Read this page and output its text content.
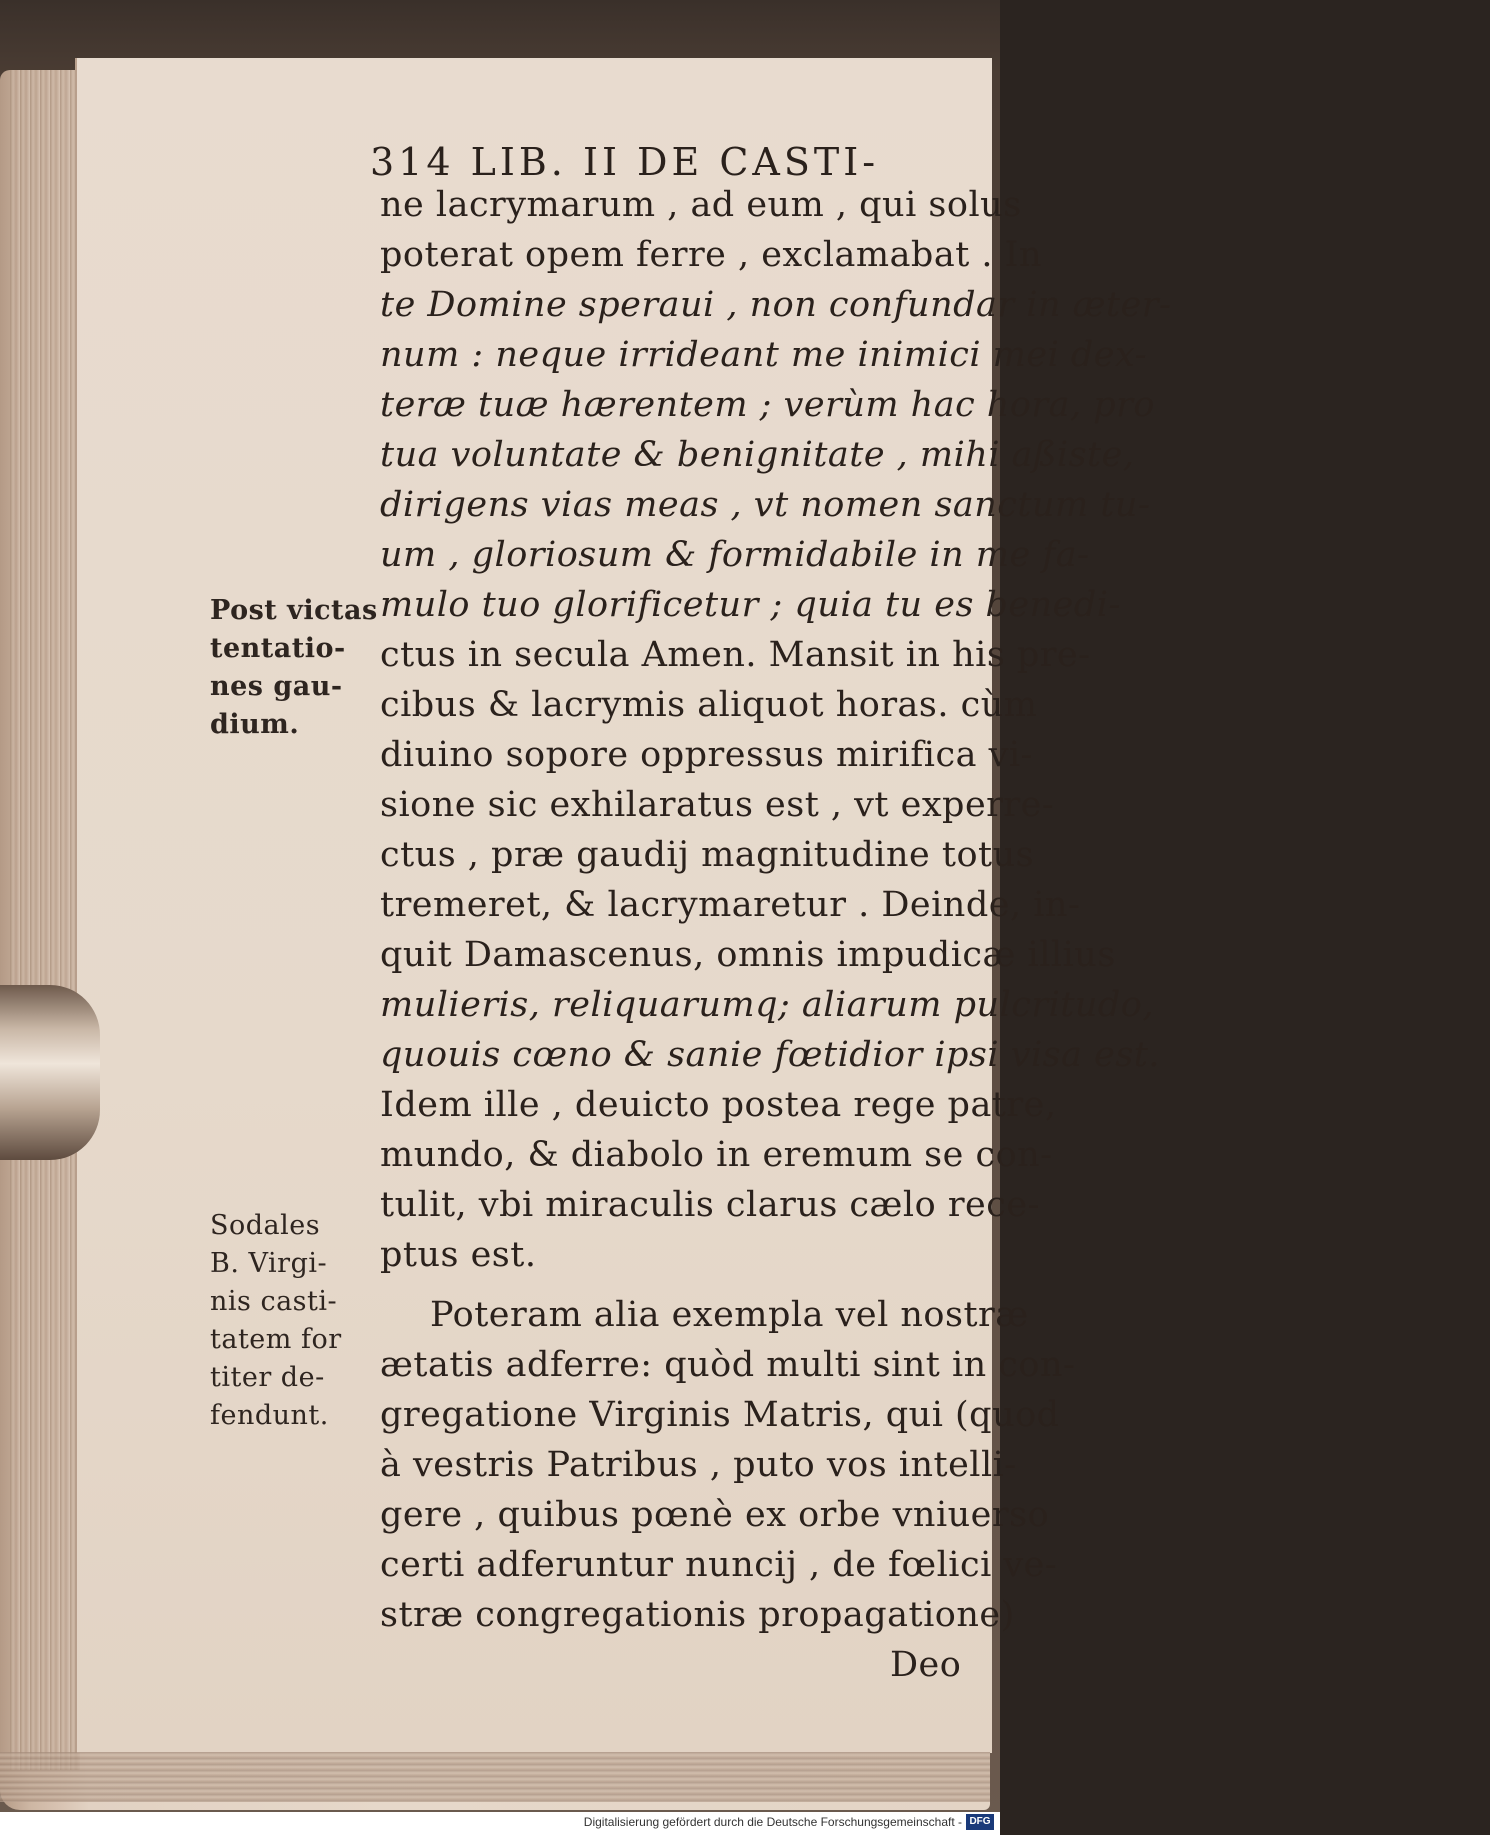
314 LIB. II DE CASTI-
ne lacrymarum , ad eum , qui solus
poterat opem ferre , exclamabat . In
te Domine speraui , non confundar in æter-
num : neque irrideant me inimici mei dex-
teræ tuæ hærentem ; verùm hac hora, pro
tua voluntate & benignitate , mihi aßiste,
dirigens vias meas , vt nomen sanctum tu-
um , gloriosum & formidabile in me fa-
mulo tuo glorificetur ; quia tu es benedi-
ctus in secula Amen. Mansit in his pre-
cibus & lacrymis aliquot horas. cùm
diuino sopore oppressus mirifica vi-
sione sic exhilaratus est , vt experre-
ctus , præ gaudij magnitudine totus
tremeret, & lacrymaretur . Deinde, in-
quit Damascenus, omnis impudicæ illius
mulieris, reliquarumq; aliarum pulcritudo,
quouis cœno & sanie fœtidior ipsi visa est.
Idem ille , deuicto postea rege patre,
mundo, & diabolo in eremum se con-
tulit, vbi miraculis clarus cælo rece-
ptus est.
Poteram alia exempla vel nostræ
ætatis adferre: quòd multi sint in con-
gregatione Virginis Matris, qui (quod
à vestris Patribus , puto vos intelli-
gere , quibus pœnè ex orbe vniuerso
certi adferuntur nuncij , de fœlici ve-
stræ congregationis propagatione)
Deo
Post victas
tentatio-
nes gau-
dium.
Sodales
B. Virgi-
nis casti-
tatem for
titer de-
fendunt.
Digitalisierung gefördert durch die Deutsche Forschungsgemeinschaft - DFG
